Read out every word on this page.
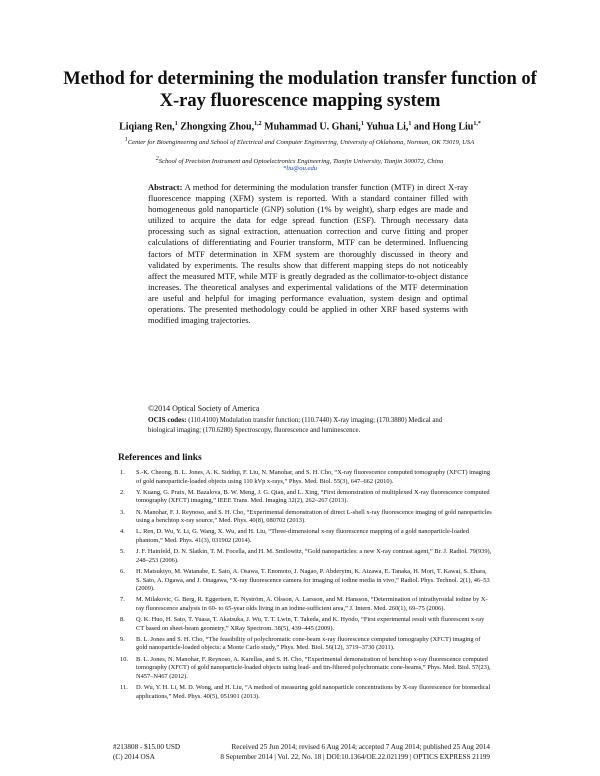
Method for determining the modulation transfer function of X-ray fluorescence mapping system
Liqiang Ren,$^1$ Zhongxing Zhou,$^{1,2}$ Muhammad U. Ghani,$^1$ Yuhua Li,$^1$ and Hong Liu$^{1,*}$
$^1$Center for Bioengineering and School of Electrical and Computer Engineering, University of Oklahoma, Norman, OK 73019, USA
$^2$School of Precision Instrument and Optoelectronics Engineering, Tianjin University, Tianjin 300072, China
*liu@ou.edu

Abstract: A method for determining the modulation transfer function (MTF) in direct X-ray fluorescence mapping (XFM) system is reported. With a standard container filled with homogeneous gold nanoparticle (GNP) solution (1% by weight), sharp edges are made and utilized to acquire the data for edge spread function (ESF). Through necessary data processing such as signal extraction, attenuation correction and curve fitting and proper calculations of differentiating and Fourier transform, MTF can be determined. Influencing factors of MTF determination in XFM system are thoroughly discussed in theory and validated by experiments. The results show that different mapping steps do not noticeably affect the measured MTF, while MTF is greatly degraded as the collimator-to-object distance increases. The theoretical analyses and experimental validations of the MTF determination are useful and helpful for imaging performance evaluation, system design and optimal operations. The presented methodology could be applied in other XRF based systems with modified imaging trajectories.

©2014 Optical Society of America
OCIS codes: (110.4100) Modulation transfer function; (110.7440) X-ray imaging; (170.3880) Medical and biological imaging; (170.6280) Spectroscopy, fluorescence and luminescence.
References and links
1. S.-K. Cheong, B. L. Jones, A. K. Siddiqi, F. Liu, N. Manohar, and S. H. Cho, “X-ray fluorescence computed tomography (XFCT) imaging of gold nanoparticle-loaded objects using 110 kVp x-rays,” Phys. Med. Biol. 55(3), 647–662 (2010).
2. Y. Kuang, G. Pratx, M. Bazalova, B. W. Meng, J. G. Qian, and L. Xing, “First demonstration of multiplexed X-ray fluorescence computed tomography (XFCT) imaging,” IEEE Trans. Med. Imaging 32(2), 262–267 (2013).
3. N. Manohar, F. J. Reynoso, and S. H. Cho, “Experimental demonstration of direct L-shell x-ray fluorescence imaging of gold nanoparticles using a benchtop x-ray source,” Med. Phys. 40(8), 080702 (2013).
4. L. Ren, D. Wu, Y. Li, G. Wang, X. Wu, and H. Liu, “Three-dimensional x-ray fluorescence mapping of a gold nanoparticle-loaded phantom,” Med. Phys. 41(3), 031902 (2014).
5. J. F. Hainfeld, D. N. Slatkin, T. M. Focella, and H. M. Smilowitz, “Gold nanoparticles: a new X-ray contrast agent,” Br. J. Radiol. 79(939), 248–253 (2006).
6. H. Matsukiyo, M. Watanabe, E. Sato, A. Osawa, T. Enomoto, J. Nagao, P. Abderyim, K. Aizawa, E. Tanaka, H. Mori, T. Kawai, S. Ehara, S. Sato, A. Ogawa, and J. Onagawa, “X-ray fluorescence camera for imaging of iodine media in vivo,” Radiol. Phys. Technol. 2(1), 46–53 (2009).
7. M. Milakovic, G. Berg, R. Eggertsen, E. Nyström, A. Olsson, A. Larsson, and M. Hansson, “Determination of intrathyroidal iodine by X-ray fluorescence analysis in 60- to 65-year olds living in an iodine-sufficient area,” J. Intern. Med. 260(1), 69–75 (2006).
8. Q. K. Huo, H. Sato, T. Yuasa, T. Akatsuka, J. Wu, T. T. Lwin, T. Takeda, and K. Hyodo, “First experimental result with fluorescent x-ray CT based on sheet-beam geometry,” XRay Spectrom. 38(5), 439–445 (2009).
9. B. L. Jones and S. H. Cho, “The feasibility of polychromatic cone-beam x-ray fluorescence computed tomography (XFCT) imaging of gold nanoparticle-loaded objects: a Monte Carlo study,” Phys. Med. Biol. 56(12), 3719–3730 (2011).
10. B. L. Jones, N. Manohar, F. Reynoso, A. Karellas, and S. H. Cho, “Experimental demonstration of benchtop x-ray fluorescence computed tomography (XFCT) of gold nanoparticle-loaded objects using lead- and tin-filtered polychromatic cone-beams,” Phys. Med. Biol. 57(23), N457–N467 (2012).
11. D. Wu, Y. H. Li, M. D. Wong, and H. Liu, “A method of measuring gold nanoparticle concentrations by X-ray fluorescence for biomedical applications,” Med. Phys. 40(5), 051901 (2013).
#213808 - $15.00 USD	Received 25 Jun 2014; revised 6 Aug 2014; accepted 7 Aug 2014; published 25 Aug 2014
(C) 2014 OSA	8 September 2014 | Vol. 22, No. 18 | DOI:10.1364/OE.22.021199 | OPTICS EXPRESS 21199
